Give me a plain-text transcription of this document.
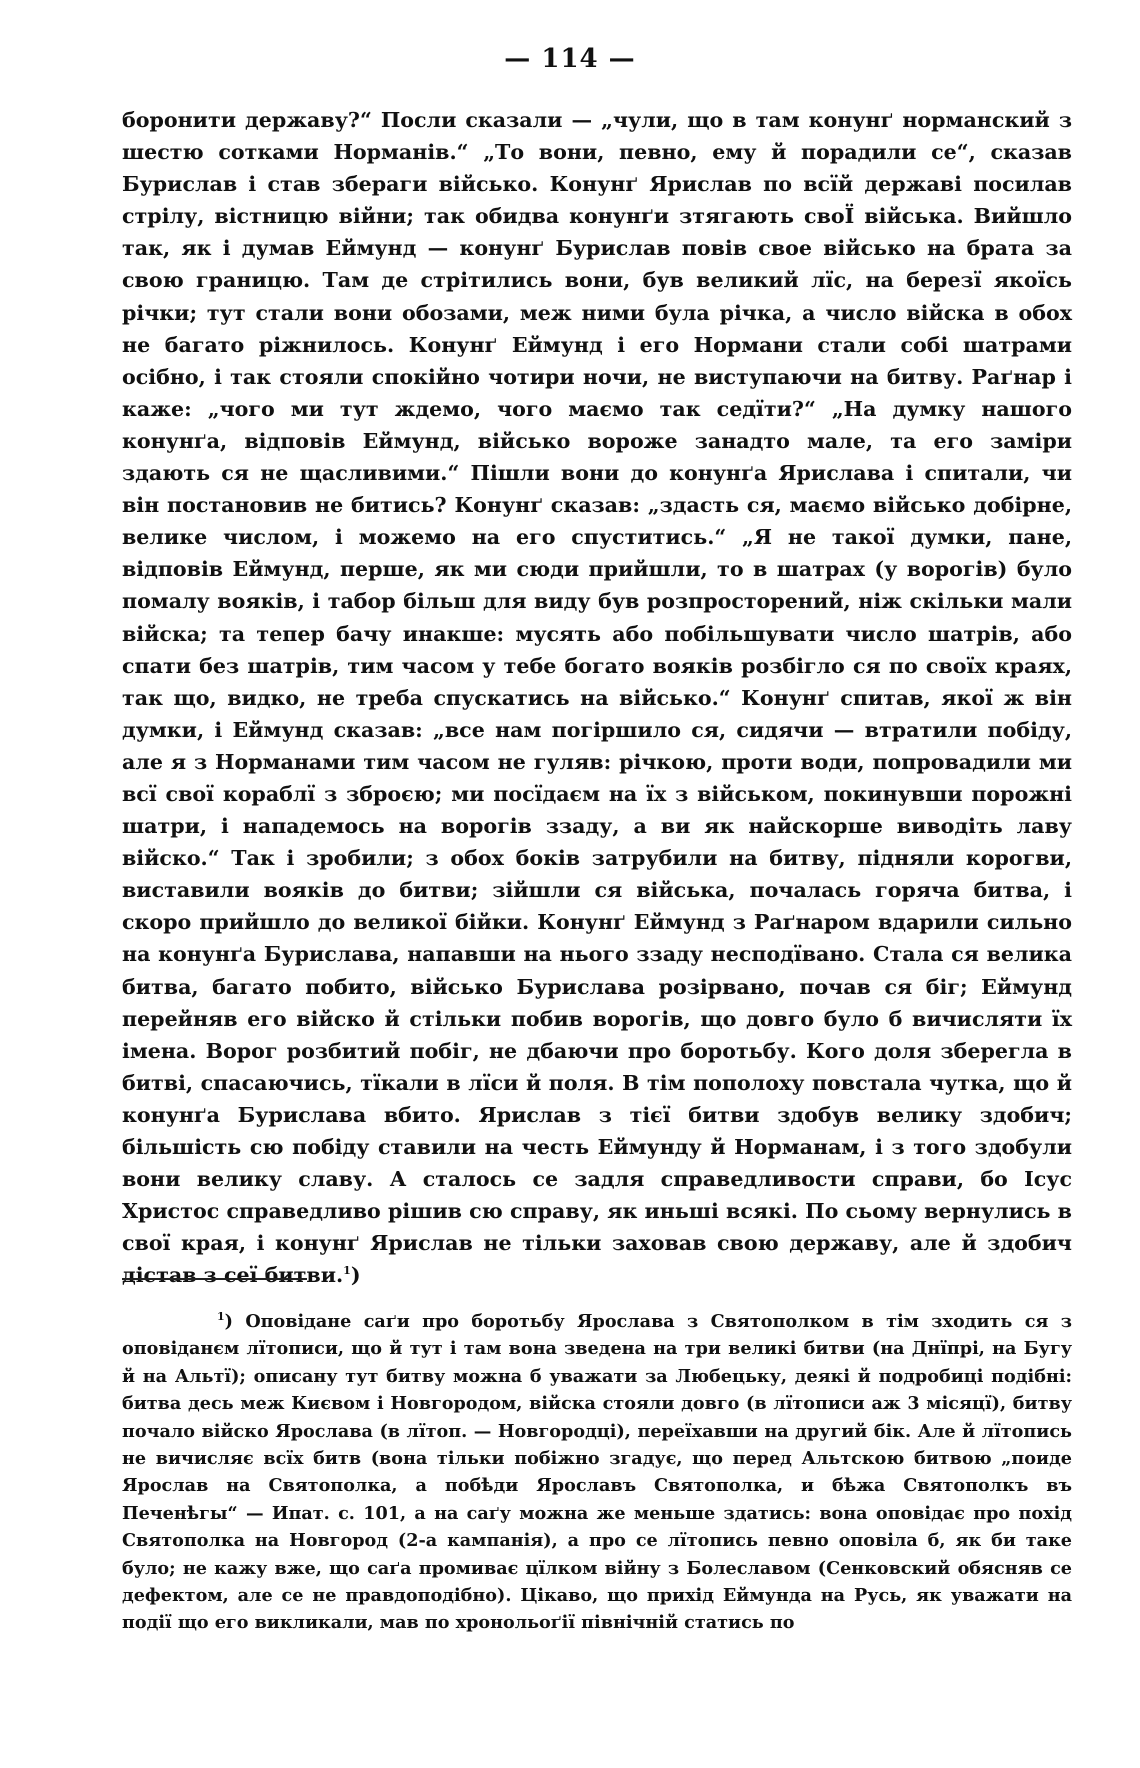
— 114 —

боронити державу?“ Посли сказали — „чули, що в там конунґ норманский з шестю сотками Норманів.“ „То вони, певно, ему й порадили се“, сказав Бурислав і став збераги військо. Конунґ Ярислав по всїй державі посилав стрілу, вістницю війни; так обидва конунґи зтягають своЇ війська. Вийшло так, як і думав Еймунд — конунґ Бурислав повів свое військо на брата за свою границю. Там де стрітились вони, був великий лїс, на березї якоїсь річки; тут стали вони обозами, меж ними була річка, а число війска в обох не багато ріжнилось. Конунґ Еймунд і его Нормани стали собі шатрами осібно, і так стояли спокійно чотири ночи, не виступаючи на битву. Раґнар і каже: „чого ми тут ждемо, чого маємо так седїти?“ „На думку нашого конунґа, відповів Еймунд, військо вороже занадто мале, та его заміри здають ся не щасливими.“ Пішли вони до конунґа Ярислава і спитали, чи він постановив не битись? Конунґ сказав: „здасть ся, маємо військо добірне, велике числом, і можемо на его спуститись.“ „Я не такої думки, пане, відповів Еймунд, перше, як ми сюди прийшли, то в шатрах (у ворогів) було помалу вояків, і табор більш для виду був розпросторений, ніж скільки мали війска; та тепер бачу инакше: мусять або побільшувати число шатрів, або спати без шатрів, тим часом у тебе богато вояків розбігло ся по своїх краях, так що, видко, не треба спускатись на військо.“ Конунґ спитав, якої ж він думки, і Еймунд сказав: „все нам погіршило ся, сидячи — втратили побіду, але я з Норманами тим часом не гуляв: річкою, проти води, попровадили ми всї свої кораблї з зброєю; ми посїдаєм на їх з військом, покинувши порожні шатри, і нападемось на ворогів ззаду, а ви як найскорше виводіть лаву війско.“ Так і зробили; з обох боків затрубили на битву, підняли корогви, виставили вояків до битви; зійшли ся війська, почалась горяча битва, і скоро прийшло до великої бійки. Конунґ Еймунд з Раґнаром вдарили сильно на конунґа Бурислава, напавши на нього ззаду несподївано. Стала ся велика битва, багато побито, військо Бурислава розірвано, почав ся біг; Еймунд перейняв его війско й стільки побив ворогів, що довго було б вичисляти їх імена. Ворог розбитий побіг, не дбаючи про боротьбу. Кого доля зберегла в битві, спасаючись, тїкали в лїси й поля. В тім пополоху повстала чутка, що й конунґа Бурислава вбито. Ярислав з тієї битви здобув велику здобич; більшість сю побіду ставили на честь Еймунду й Норманам, і з того здобули вони велику славу. А сталось се задля справедливости справи, бо Ісус Христос справедливо рішив сю справу, як иньші всякі. По сьому вернулись в свої края, і конунґ Ярислав не тільки заховав свою державу, але й здобич дістав з сеї битви.$^1$)

$^1$) Оповідане саґи про боротьбу Ярослава з Святополком в тім зходить ся з оповіданєм лїтописи, що й тут і там вона зведена на три великі битви (на Днїпрі, на Бугу й на Альтї); описану тут битву можна б уважати за Любецьку, деякі й подробиці подібні: битва десь меж Києвом і Новгородом, війска стояли довго (в лїтописи аж 3 місяцї), битву почало війско Ярослава (в лїтоп. — Новгородці), переїхавши на другий бік. Але й лїтопись не вичисляє всїх битв (вона тільки побіжно згадує, що перед Альтскою битвою „поиде Ярослав на Святополка, а побѣди Ярославъ Святополка, и бѣжа Святополкъ въ Печенѣгы“ — Ипат. с. 101, а на саґу можна же меньше здатись: вона оповідає про похід Святополка на Новгород (2-а кампанія), а про се лїтопись певно оповіла б, як би таке було; не кажу вже, що саґа промиває цїлком війну з Болеславом (Сенковский обясняв се дефектом, але се не правдоподібно). Цікаво, що прихід Еймунда на Русь, як уважати на події що его викликали, мав по хронольоґії північній статись по
